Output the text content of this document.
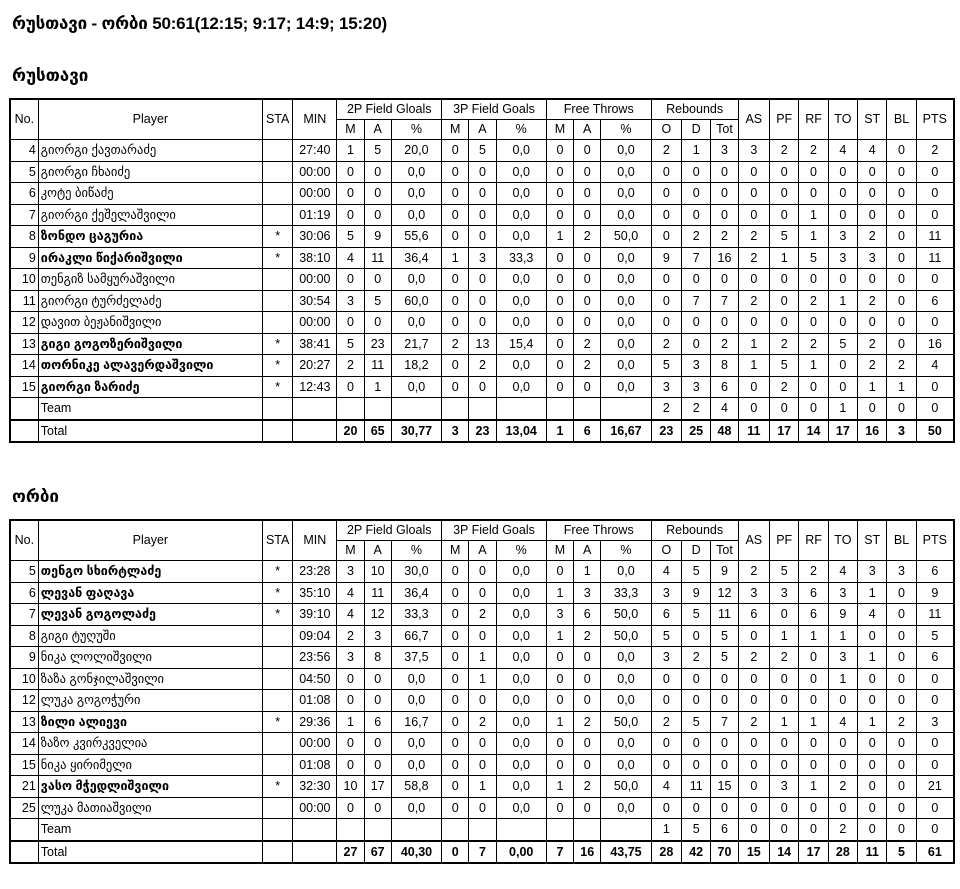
რუსთავი - ორბი 50:61(12:15; 9:17; 14:9; 15:20)
რუსთავი
No.	Player	STA	MIN	2P Field Gloals			3P Field Goals			Free Throws			Rebounds			AS	PF	RF	TO	ST	BL	PTS
				M	A	%	M	A	%	M	A	%	O	D	Tot							
4	გიორგი ქავთარაძე		27:40	1	5	20,0	0	5	0,0	0	0	0,0	2	1	3	3	2	2	4	4	0	2
5	გიორგი ჩხაიძე		00:00	0	0	0,0	0	0	0,0	0	0	0,0	0	0	0	0	0	0	0	0	0	0
6	კოტე ბიწაძე		00:00	0	0	0,0	0	0	0,0	0	0	0,0	0	0	0	0	0	0	0	0	0	0
7	გიორგი ქეშელაშვილი		01:19	0	0	0,0	0	0	0,0	0	0	0,0	0	0	0	0	0	1	0	0	0	0
8	ზონდო ცაგურია	*	30:06	5	9	55,6	0	0	0,0	1	2	50,0	0	2	2	2	5	1	3	2	0	11
9	ირაკლი წიქარიშვილი	*	38:10	4	11	36,4	1	3	33,3	0	0	0,0	9	7	16	2	1	5	3	3	0	11
10	თენგიზ სამყურაშვილი		00:00	0	0	0,0	0	0	0,0	0	0	0,0	0	0	0	0	0	0	0	0	0	0
11	გიორგი ტურძელაძე		30:54	3	5	60,0	0	0	0,0	0	0	0,0	0	7	7	2	0	2	1	2	0	6
12	დავით ბეჟანიშვილი		00:00	0	0	0,0	0	0	0,0	0	0	0,0	0	0	0	0	0	0	0	0	0	0
13	გიგი გოგოზერიშვილი	*	38:41	5	23	21,7	2	13	15,4	0	2	0,0	2	0	2	1	2	2	5	2	0	16
14	თორნიკე ალავერდაშვილი	*	20:27	2	11	18,2	0	2	0,0	0	2	0,0	5	3	8	1	5	1	0	2	2	4
15	გიორგი ზარიძე	*	12:43	0	1	0,0	0	0	0,0	0	0	0,0	3	3	6	0	2	0	0	1	1	0
	Team												2	2	4	0	0	0	1	0	0	0
	Total			20	65	30,77	3	23	13,04	1	6	16,67	23	25	48	11	17	14	17	16	3	50
ორბი
No.	Player	STA	MIN	2P Field Gloals			3P Field Goals			Free Throws			Rebounds			AS	PF	RF	TO	ST	BL	PTS
				M	A	%	M	A	%	M	A	%	O	D	Tot							
5	თენგო სხირტლაძე	*	23:28	3	10	30,0	0	0	0,0	0	1	0,0	4	5	9	2	5	2	4	3	3	6
6	ლევან ფაღავა	*	35:10	4	11	36,4	0	0	0,0	1	3	33,3	3	9	12	3	3	6	3	1	0	9
7	ლევან გოგოლაძე	*	39:10	4	12	33,3	0	2	0,0	3	6	50,0	6	5	11	6	0	6	9	4	0	11
8	გიგი ტუღუში		09:04	2	3	66,7	0	0	0,0	1	2	50,0	5	0	5	0	1	1	1	0	0	5
9	ნიკა ლოლიშვილი		23:56	3	8	37,5	0	1	0,0	0	0	0,0	3	2	5	2	2	0	3	1	0	6
10	ზაზა გონჯილაშვილი		04:50	0	0	0,0	0	1	0,0	0	0	0,0	0	0	0	0	0	0	1	0	0	0
12	ლუკა გოგოჭური		01:08	0	0	0,0	0	0	0,0	0	0	0,0	0	0	0	0	0	0	0	0	0	0
13	ზილი ალიევი	*	29:36	1	6	16,7	0	2	0,0	1	2	50,0	2	5	7	2	1	1	4	1	2	3
14	ზაზო კვირკველია		00:00	0	0	0,0	0	0	0,0	0	0	0,0	0	0	0	0	0	0	0	0	0	0
15	ნიკა ყირიმელი		01:08	0	0	0,0	0	0	0,0	0	0	0,0	0	0	0	0	0	0	0	0	0	0
21	ვასო მჭედლიშვილი	*	32:30	10	17	58,8	0	1	0,0	1	2	50,0	4	11	15	0	3	1	2	0	0	21
25	ლუკა მათიაშვილი		00:00	0	0	0,0	0	0	0,0	0	0	0,0	0	0	0	0	0	0	0	0	0	0
	Team												1	5	6	0	0	0	2	0	0	0
	Total			27	67	40,30	0	7	0,00	7	16	43,75	28	42	70	15	14	17	28	11	5	61
